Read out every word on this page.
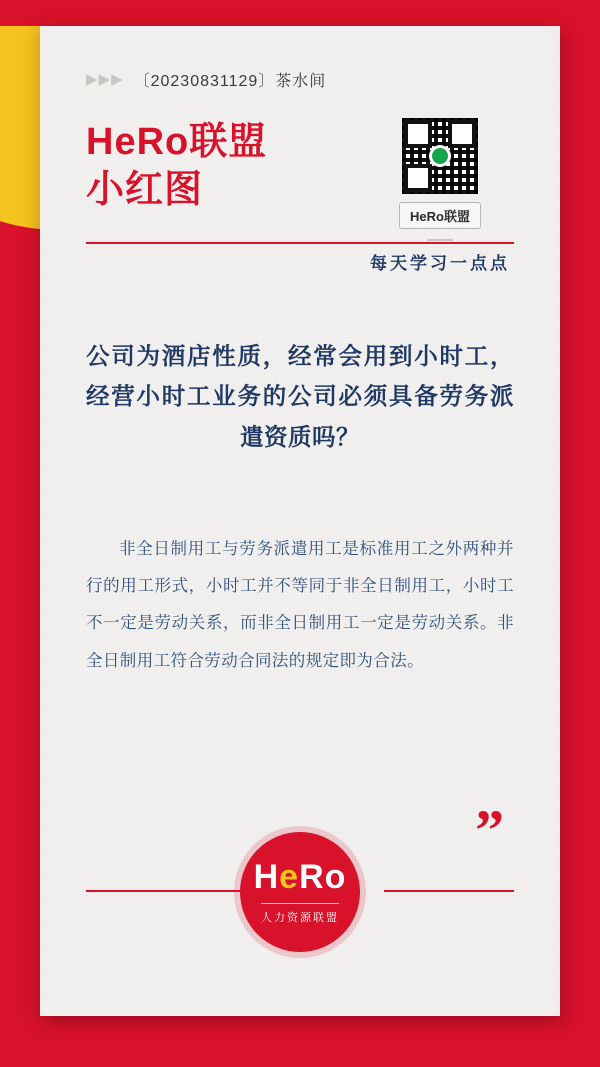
▶▶▶ 〔20230831129〕茶水间
HeRo联盟
小红图
HeRo联盟
每天学习一点点
公司为酒店性质，经常会用到小时工，经营小时工业务的公司必须具备劳务派遣资质吗？
非全日制用工与劳务派遣用工是标准用工之外两种并行的用工形式，小时工并不等同于非全日制用工，小时工不一定是劳动关系，而非全日制用工一定是劳动关系。非全日制用工符合劳动合同法的规定即为合法。
HeRo
人力资源联盟
”
